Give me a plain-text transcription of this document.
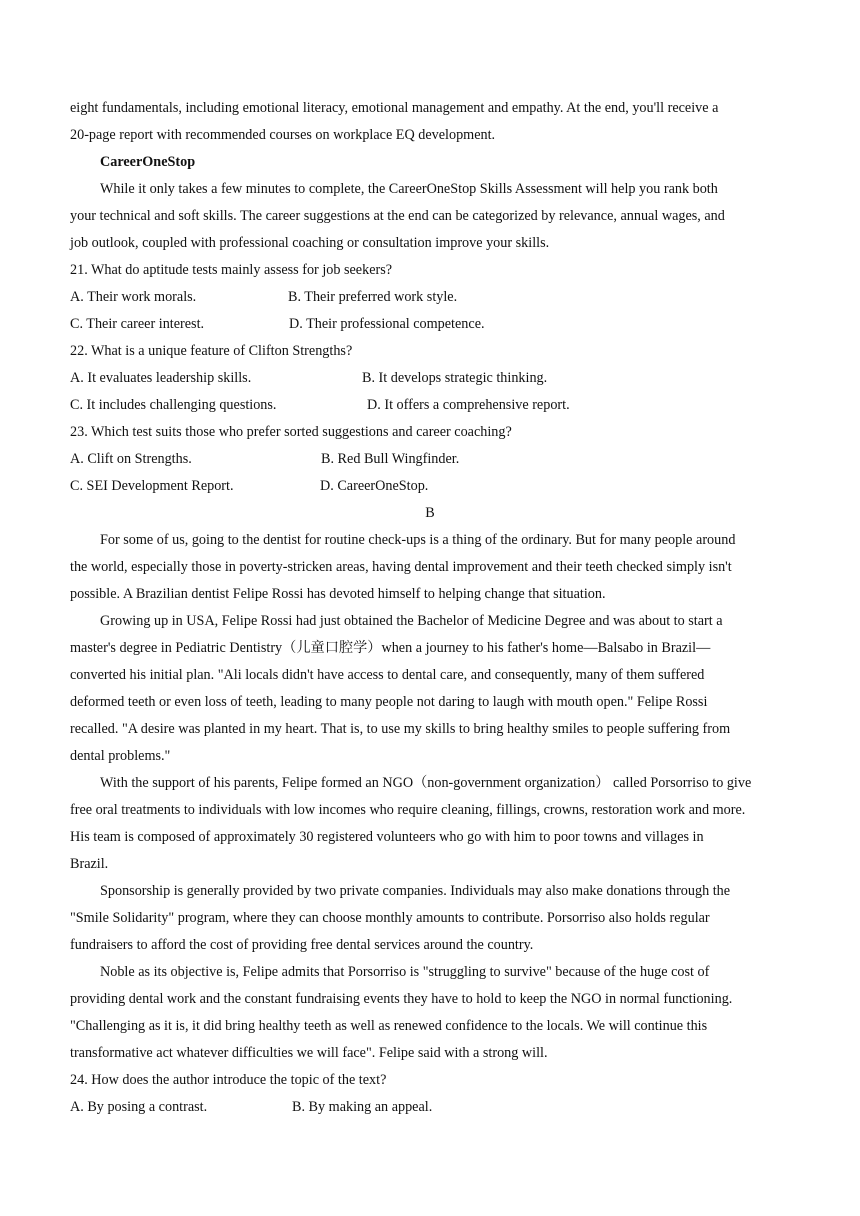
eight fundamentals, including emotional literacy, emotional management and empathy. At the end, you'll receive a
20-page report with recommended courses on workplace EQ development.
CareerOneStop
While it only takes a few minutes to complete, the CareerOneStop Skills Assessment will help you rank both
your technical and soft skills. The career suggestions at the end can be categorized by relevance, annual wages, and
job outlook, coupled with professional coaching or consultation improve your skills.
21. What do aptitude tests mainly assess for job seekers?
A. Their work morals.	B. Their preferred work style.
C. Their career interest.	D. Their professional competence.
22. What is a unique feature of Clifton Strengths?
A. It evaluates leadership skills.	B. It develops strategic thinking.
C. It includes challenging questions.	D. It offers a comprehensive report.
23. Which test suits those who prefer sorted suggestions and career coaching?
A. Clift on Strengths.	B. Red Bull Wingfinder.
C. SEI Development Report.	D. CareerOneStop.
B
For some of us, going to the dentist for routine check-ups is a thing of the ordinary. But for many people around
the world, especially those in poverty-stricken areas, having dental improvement and their teeth checked simply isn't
possible. A Brazilian dentist Felipe Rossi has devoted himself to helping change that situation.
Growing up in USA, Felipe Rossi had just obtained the Bachelor of Medicine Degree and was about to start a
master's degree in Pediatric Dentistry（儿童口腔学）when a journey to his father's home—Balsabo in Brazil—
converted his initial plan. "Ali locals didn't have access to dental care, and consequently, many of them suffered
deformed teeth or even loss of teeth, leading to many people not daring to laugh with mouth open." Felipe Rossi
recalled. "A desire was planted in my heart. That is, to use my skills to bring healthy smiles to people suffering from
dental problems."
With the support of his parents, Felipe formed an NGO（non-government organization） called Porsorriso to give
free oral treatments to individuals with low incomes who require cleaning, fillings, crowns, restoration work and more.
His team is composed of approximately 30 registered volunteers who go with him to poor towns and villages in
Brazil.
Sponsorship is generally provided by two private companies. Individuals may also make donations through the
"Smile Solidarity" program, where they can choose monthly amounts to contribute. Porsorriso also holds regular
fundraisers to afford the cost of providing free dental services around the country.
Noble as its objective is, Felipe admits that Porsorriso is "struggling to survive" because of the huge cost of
providing dental work and the constant fundraising events they have to hold to keep the NGO in normal functioning.
"Challenging as it is, it did bring healthy teeth as well as renewed confidence to the locals. We will continue this
transformative act whatever difficulties we will face". Felipe said with a strong will.
24. How does the author introduce the topic of the text?
A. By posing a contrast.	B. By making an appeal.
